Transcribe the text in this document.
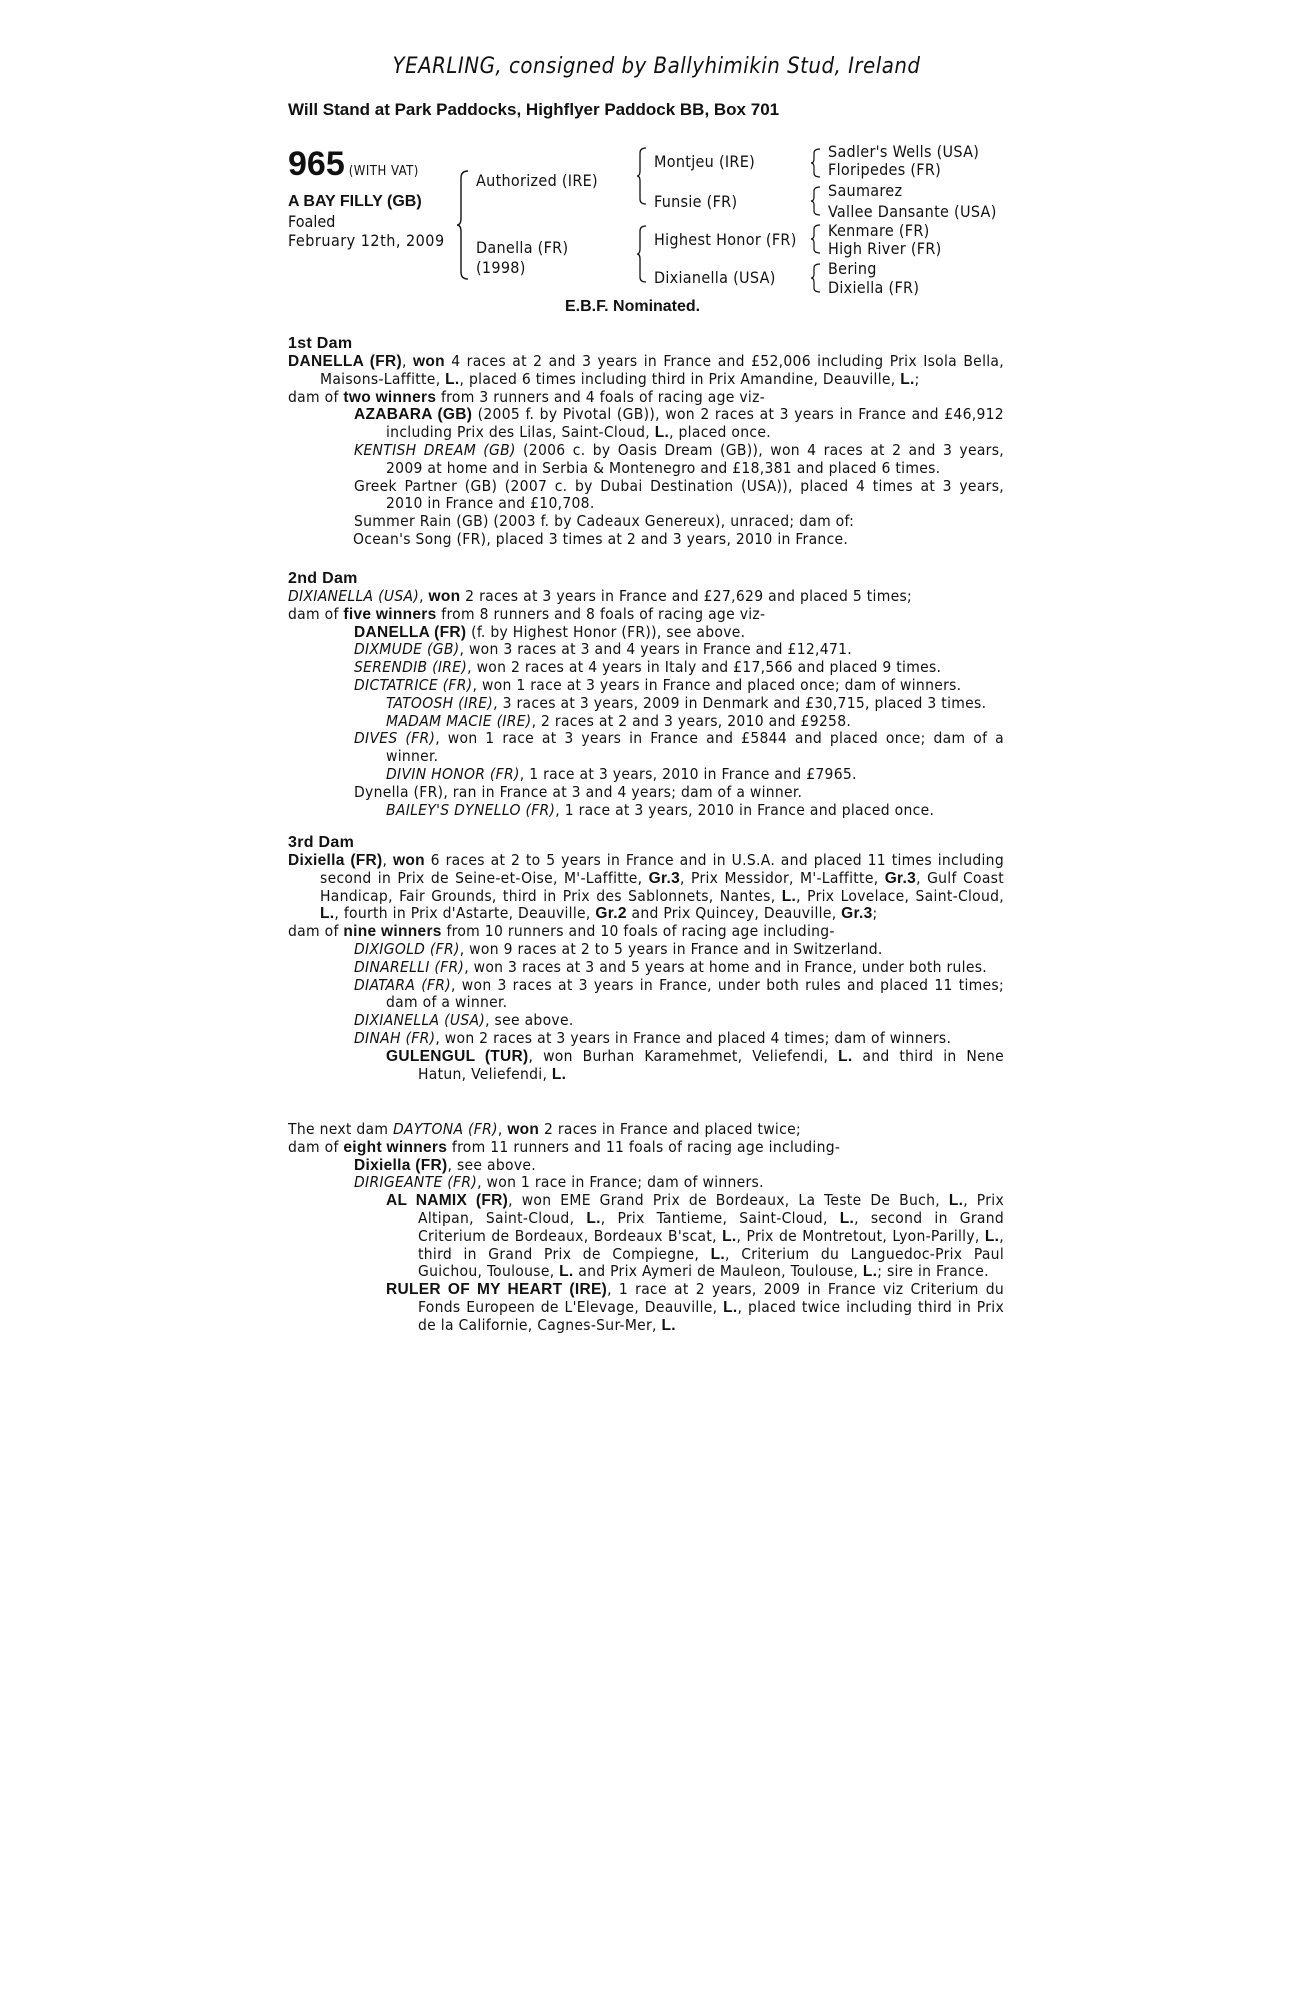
YEARLING, consigned by Ballyhimikin Stud, Ireland
Will Stand at Park Paddocks, Highflyer Paddock BB, Box 701
965 (WITH VAT)
A BAY FILLY (GB)
Foaled
February 12th, 2009
Authorized (IRE)
Danella (FR)
(1998)
Montjeu (IRE)
Funsie (FR)
Highest Honor (FR)
Dixianella (USA)
Sadler's Wells (USA)
Floripedes (FR)
Saumarez
Vallee Dansante (USA)
Kenmare (FR)
High River (FR)
Bering
Dixiella (FR)
E.B.F. Nominated.
1st Dam

DANELLA (FR), won 4 races at 2 and 3 years in France and £52,006 including Prix Isola Bella, Maisons-Laffitte, L., placed 6 times including third in Prix Amandine, Deauville, L.;

dam of two winners from 3 runners and 4 foals of racing age viz-

AZABARA (GB) (2005 f. by Pivotal (GB)), won 2 races at 3 years in France and £46,912 including Prix des Lilas, Saint-Cloud, L., placed once.

KENTISH DREAM (GB) (2006 c. by Oasis Dream (GB)), won 4 races at 2 and 3 years, 2009 at home and in Serbia & Montenegro and £18,381 and placed 6 times.

Greek Partner (GB) (2007 c. by Dubai Destination (USA)), placed 4 times at 3 years, 2010 in France and £10,708.

Summer Rain (GB) (2003 f. by Cadeaux Genereux), unraced; dam of:

Ocean's Song (FR), placed 3 times at 2 and 3 years, 2010 in France.

2nd Dam

DIXIANELLA (USA), won 2 races at 3 years in France and £27,629 and placed 5 times;

dam of five winners from 8 runners and 8 foals of racing age viz-

DANELLA (FR) (f. by Highest Honor (FR)), see above.

DIXMUDE (GB), won 3 races at 3 and 4 years in France and £12,471.

SERENDIB (IRE), won 2 races at 4 years in Italy and £17,566 and placed 9 times.

DICTATRICE (FR), won 1 race at 3 years in France and placed once; dam of winners.

TATOOSH (IRE), 3 races at 3 years, 2009 in Denmark and £30,715, placed 3 times.

MADAM MACIE (IRE), 2 races at 2 and 3 years, 2010 and £9258.

DIVES (FR), won 1 race at 3 years in France and £5844 and placed once; dam of a winner.

DIVIN HONOR (FR), 1 race at 3 years, 2010 in France and £7965.

Dynella (FR), ran in France at 3 and 4 years; dam of a winner.

BAILEY'S DYNELLO (FR), 1 race at 3 years, 2010 in France and placed once.

3rd Dam

Dixiella (FR), won 6 races at 2 to 5 years in France and in U.S.A. and placed 11 times including second in Prix de Seine-et-Oise, M'-Laffitte, Gr.3, Prix Messidor, M'-Laffitte, Gr.3, Gulf Coast Handicap, Fair Grounds, third in Prix des Sablonnets, Nantes, L., Prix Lovelace, Saint-Cloud, L., fourth in Prix d'Astarte, Deauville, Gr.2 and Prix Quincey, Deauville, Gr.3;

dam of nine winners from 10 runners and 10 foals of racing age including-

DIXIGOLD (FR), won 9 races at 2 to 5 years in France and in Switzerland.

DINARELLI (FR), won 3 races at 3 and 5 years at home and in France, under both rules.

DIATARA (FR), won 3 races at 3 years in France, under both rules and placed 11 times; dam of a winner.

DIXIANELLA (USA), see above.

DINAH (FR), won 2 races at 3 years in France and placed 4 times; dam of winners.

GULENGUL (TUR), won Burhan Karamehmet, Veliefendi, L. and third in Nene Hatun, Veliefendi, L.

The next dam DAYTONA (FR), won 2 races in France and placed twice;

dam of eight winners from 11 runners and 11 foals of racing age including-

Dixiella (FR), see above.

DIRIGEANTE (FR), won 1 race in France; dam of winners.

AL NAMIX (FR), won EME Grand Prix de Bordeaux, La Teste De Buch, L., Prix Altipan, Saint-Cloud, L., Prix Tantieme, Saint-Cloud, L., second in Grand Criterium de Bordeaux, Bordeaux B'scat, L., Prix de Montretout, Lyon-Parilly, L., third in Grand Prix de Compiegne, L., Criterium du Languedoc-Prix Paul Guichou, Toulouse, L. and Prix Aymeri de Mauleon, Toulouse, L.; sire in France.

RULER OF MY HEART (IRE), 1 race at 2 years, 2009 in France viz Criterium du Fonds Europeen de L'Elevage, Deauville, L., placed twice including third in Prix de la Californie, Cagnes-Sur-Mer, L.
